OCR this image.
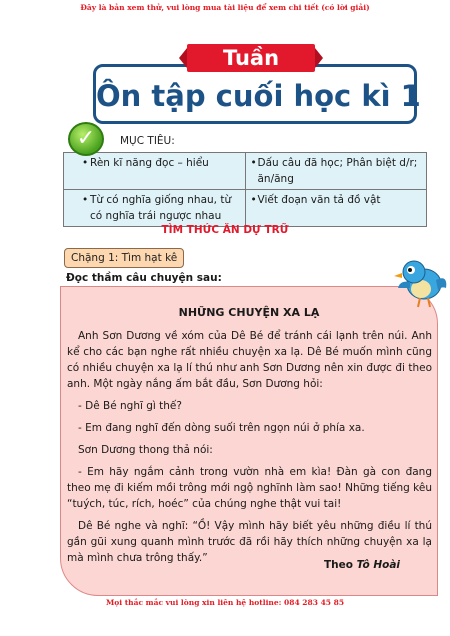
Đây là bản xem thử, vui lòng mua tài liệu để xem chi tiết (có lời giải)
Ôn tập cuối học kì 1
Tuần
✓	MỤC TIÊU:
• Rèn kĩ năng đọc – hiểu	• Dấu câu đã học; Phân biệt d/r; ăn/ăng

• Từ có nghĩa giống nhau, từ có nghĩa trái ngược nhau	• Viết đoạn văn tả đồ vật
TÌM THỨC ĂN DỰ TRỮ
Chặng 1: Tìm hạt kê
Đọc thầm câu chuyện sau:
NHỮNG CHUYỆN XA LẠ

Anh Sơn Dương về xóm của Dê Bé để tránh cái lạnh trên núi. Anh kể cho các bạn nghe rất nhiều chuyện xa lạ. Dê Bé muốn mình cũng có nhiều chuyện xa lạ lí thú như anh Sơn Dương nên xin được đi theo anh. Một ngày nắng ấm bắt đầu, Sơn Dương hỏi:

- Dê Bé nghĩ gì thế?

- Em đang nghĩ đến dòng suối trên ngọn núi ở phía xa.

Sơn Dương thong thả nói:

- Em hãy ngắm cảnh trong vườn nhà em kìa! Đàn gà con đang theo mẹ đi kiếm mồi trông mới ngộ nghĩnh làm sao! Những tiếng kêu “tuých, túc, rích, hoéc” của chúng nghe thật vui tai!

Dê Bé nghe và nghĩ: “Ồ! Vậy mình hãy biết yêu những điều lí thú gần gũi xung quanh mình trước đã rồi hãy thích những chuyện xa lạ mà mình chưa trông thấy.”

Theo Tô Hoài
Mọi thắc mắc vui lòng xin liên hệ hotline: 084 283 45 85
